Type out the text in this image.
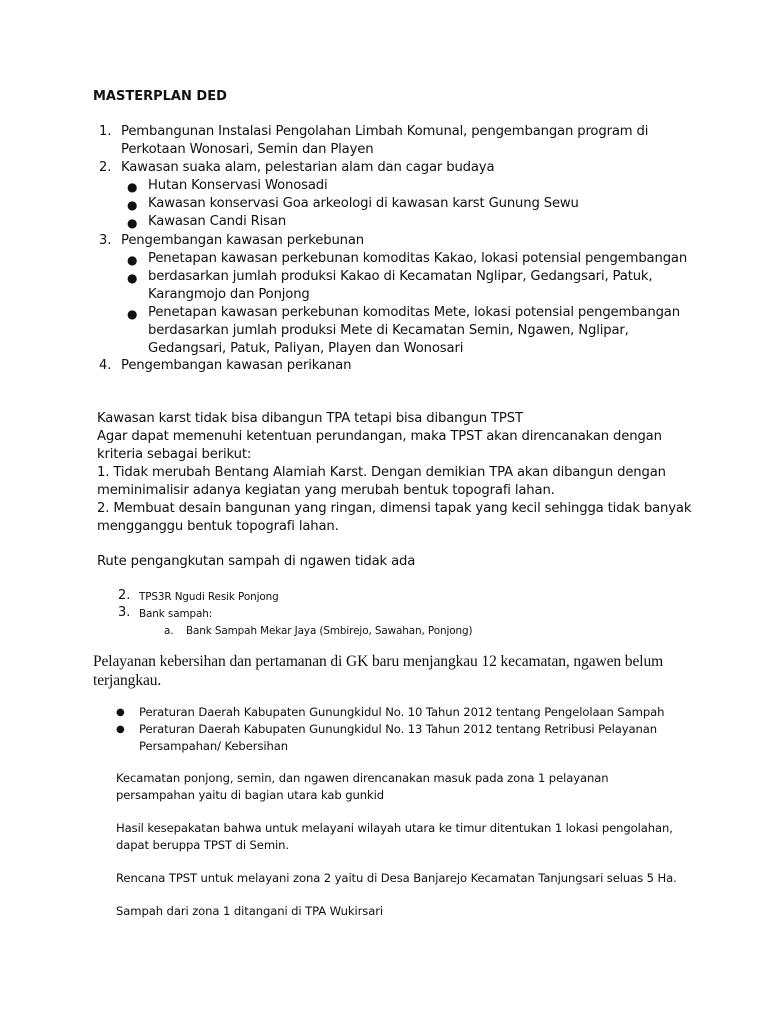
MASTERPLAN DED

1. Pembangunan Instalasi Pengolahan Limbah Komunal, pengembangan program di

Perkotaan Wonosari, Semin dan Playen

2. Kawasan suaka alam, pelestarian alam dan cagar budaya

● Hutan Konservasi Wonosadi

● Kawasan konservasi Goa arkeologi di kawasan karst Gunung Sewu

● Kawasan Candi Risan

3. Pengembangan kawasan perkebunan

● Penetapan kawasan perkebunan komoditas Kakao, lokasi potensial pengembangan

● berdasarkan jumlah produksi Kakao di Kecamatan Nglipar, Gedangsari, Patuk,

Karangmojo dan Ponjong

● Penetapan kawasan perkebunan komoditas Mete, lokasi potensial pengembangan

berdasarkan jumlah produksi Mete di Kecamatan Semin, Ngawen, Nglipar,

Gedangsari, Patuk, Paliyan, Playen dan Wonosari

4. Pengembangan kawasan perikanan

Kawasan karst tidak bisa dibangun TPA tetapi bisa dibangun TPST

Agar dapat memenuhi ketentuan perundangan, maka TPST akan direncanakan dengan

kriteria sebagai berikut:

1. Tidak merubah Bentang Alamiah Karst. Dengan demikian TPA akan dibangun dengan

meminimalisir adanya kegiatan yang merubah bentuk topografi lahan.

2. Membuat desain bangunan yang ringan, dimensi tapak yang kecil sehingga tidak banyak

mengganggu bentuk topografi lahan.

Rute pengangkutan sampah di ngawen tidak ada

2. TPS3R Ngudi Resik Ponjong

3. Bank sampah:

a. Bank Sampah Mekar Jaya (Smbirejo, Sawahan, Ponjong)

Pelayanan kebersihan dan pertamanan di GK baru menjangkau 12 kecamatan, ngawen belum

terjangkau.

● Peraturan Daerah Kabupaten Gunungkidul No. 10 Tahun 2012 tentang Pengelolaan Sampah

● Peraturan Daerah Kabupaten Gunungkidul No. 13 Tahun 2012 tentang Retribusi Pelayanan

Persampahan/ Kebersihan

Kecamatan ponjong, semin, dan ngawen direncanakan masuk pada zona 1 pelayanan

persampahan yaitu di bagian utara kab gunkid

Hasil kesepakatan bahwa untuk melayani wilayah utara ke timur ditentukan 1 lokasi pengolahan,

dapat beruppa TPST di Semin.

Rencana TPST untuk melayani zona 2 yaitu di Desa Banjarejo Kecamatan Tanjungsari seluas 5 Ha.

Sampah dari zona 1 ditangani di TPA Wukirsari
